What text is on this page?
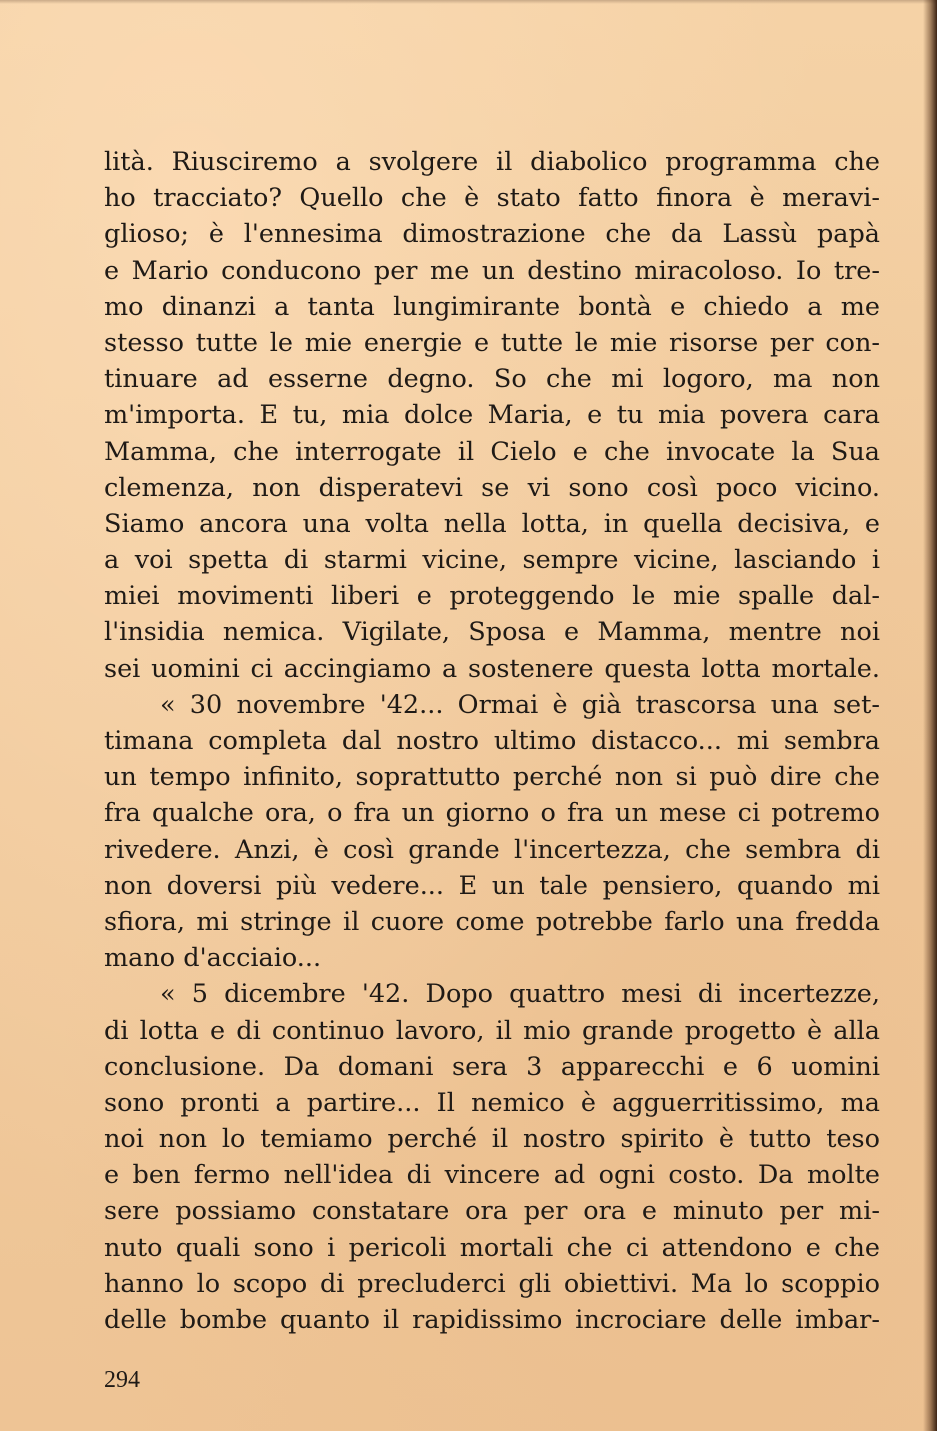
lità. Riusciremo a svolgere il diabolico programma che
ho tracciato? Quello che è stato fatto finora è meravi-
glioso; è l'ennesima dimostrazione che da Lassù papà
e Mario conducono per me un destino miracoloso. Io tre-
mo dinanzi a tanta lungimirante bontà e chiedo a me
stesso tutte le mie energie e tutte le mie risorse per con-
tinuare ad esserne degno. So che mi logoro, ma non
m'importa. E tu, mia dolce Maria, e tu mia povera cara
Mamma, che interrogate il Cielo e che invocate la Sua
clemenza, non disperatevi se vi sono così poco vicino.
Siamo ancora una volta nella lotta, in quella decisiva, e
a voi spetta di starmi vicine, sempre vicine, lasciando i
miei movimenti liberi e proteggendo le mie spalle dal-
l'insidia nemica. Vigilate, Sposa e Mamma, mentre noi
sei uomini ci accingiamo a sostenere questa lotta mortale.
« 30 novembre '42... Ormai è già trascorsa una set-
timana completa dal nostro ultimo distacco... mi sembra
un tempo infinito, soprattutto perché non si può dire che
fra qualche ora, o fra un giorno o fra un mese ci potremo
rivedere. Anzi, è così grande l'incertezza, che sembra di
non doversi più vedere... E un tale pensiero, quando mi
sfiora, mi stringe il cuore come potrebbe farlo una fredda
mano d'acciaio...
« 5 dicembre '42. Dopo quattro mesi di incertezze,
di lotta e di continuo lavoro, il mio grande progetto è alla
conclusione. Da domani sera 3 apparecchi e 6 uomini
sono pronti a partire... Il nemico è agguerritissimo, ma
noi non lo temiamo perché il nostro spirito è tutto teso
e ben fermo nell'idea di vincere ad ogni costo. Da molte
sere possiamo constatare ora per ora e minuto per mi-
nuto quali sono i pericoli mortali che ci attendono e che
hanno lo scopo di precluderci gli obiettivi. Ma lo scoppio
delle bombe quanto il rapidissimo incrociare delle imbar-
294
